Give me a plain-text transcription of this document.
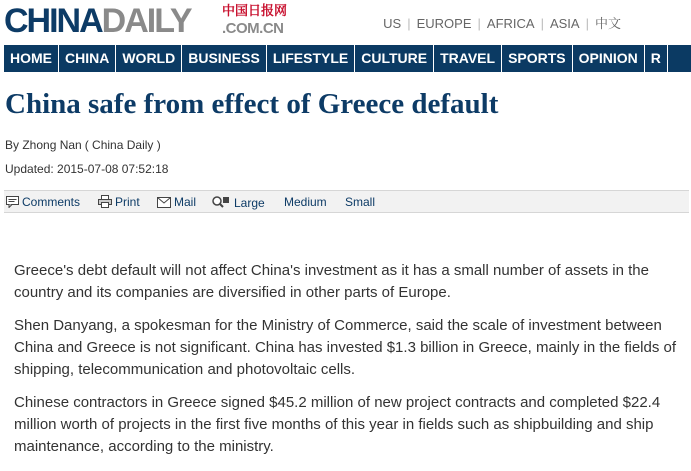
CHINADAILY 中国日报网
.COM.CN	US | EUROPE | AFRICA | ASIA | 中文
HOME CHINA WORLD BUSINESS LIFESTYLE CULTURE TRAVEL SPORTS OPINION R
China safe from effect of Greece default
By Zhong Nan ( China Daily )
Updated: 2015-07-08 07:52:18
Comments	Print	Mail	Large Medium Small

Greece's debt default will not affect China's investment as it has a small number of assets in the country and its companies are diversified in other parts of Europe.

Shen Danyang, a spokesman for the Ministry of Commerce, said the scale of investment between China and Greece is not significant. China has invested $1.3 billion in Greece, mainly in the fields of shipping, telecommunication and photovoltaic cells.

Chinese contractors in Greece signed $45.2 million of new project contracts and completed $22.4 million worth of projects in the first five months of this year in fields such as shipbuilding and ship maintenance, according to the ministry.
